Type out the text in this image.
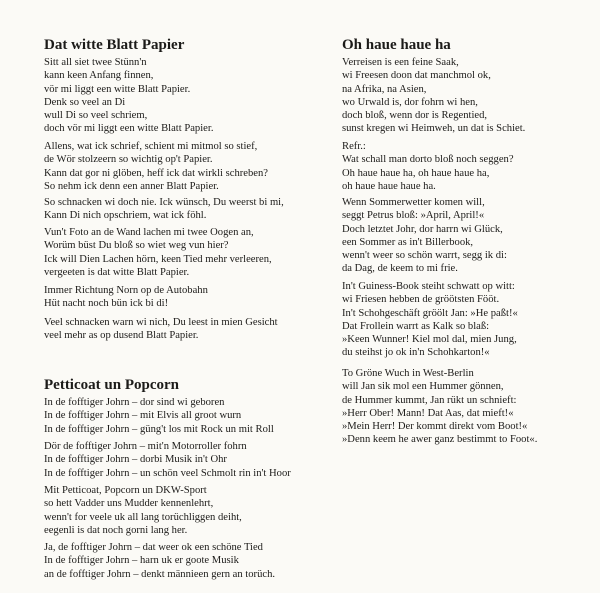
Dat witte Blatt Papier
Sitt all siet twee Stünn'n
kann keen Anfang finnen,
vör mi liggt een witte Blatt Papier.
Denk so veel an Di
wull Di so veel schriem,
doch vör mi liggt een witte Blatt Papier.
Allens, wat ick schrief, schient mi mitmol so stief,
de Wör stolzeern so wichtig op't Papier.
Kann dat gor ni glöben, heff ick dat wirkli schreben?
So nehm ick denn een anner Blatt Papier.
So schnacken wi doch nie. Ick wünsch, Du weerst bi mi,
Kann Di nich opschriem, wat ick föhl.
Vun't Foto an de Wand lachen mi twee Oogen an,
Worüm büst Du bloß so wiet weg vun hier?
Ick will Dien Lachen hörn, keen Tied mehr verleeren,
vergeeten is dat witte Blatt Papier.
Immer Richtung Norn op de Autobahn
Hüt nacht noch bün ick bi di!
Veel schnacken warn wi nich, Du leest in mien Gesicht
veel mehr as op dusend Blatt Papier.
Petticoat un Popcorn
In de fofftiger Johrn – dor sind wi geboren
In de fofftiger Johrn – mit Elvis all groot wurn
In de fofftiger Johrn – güng't los mit Rock un mit Roll
Dör de fofftiger Johrn – mit'n Motorroller fohrn
In de fofftiger Johrn – dorbi Musik in't Ohr
In de fofftiger Johrn – un schön veel Schmolt rin in't Hoor
Mit Petticoat, Popcorn un DKW-Sport
so hett Vadder uns Mudder kennenlehrt,
wenn't for veele uk all lang torüchliggen deiht,
eegenli is dat noch gorni lang her.
Ja, de fofftiger Johrn – dat weer ok een schöne Tied
In de fofftiger Johrn – harn uk er goote Musik
an de fofftiger Johrn – denkt männieen gern an torüch.
Oh haue haue ha
Verreisen is een feine Saak,
wi Freesen doon dat manchmol ok,
na Afrika, na Asien,
wo Urwald is, dor fohrn wi hen,
doch bloß, wenn dor is Regentied,
sunst kregen wi Heimweh, un dat is Schiet.
Refr.:
Wat schall man dorto bloß noch seggen?
Oh haue haue ha, oh haue haue ha,
oh haue haue haue ha.
Wenn Sommerwetter komen will,
seggt Petrus bloß: »April, April!«
Doch letztet Johr, dor harrn wi Glück,
een Sommer as in't Billerbook,
wenn't weer so schön warrt, segg ik di:
da Dag, de keem to mi frie.
In't Guiness-Book steiht schwatt op witt:
wi Friesen hebben de gröötsten Fööt.
In't Schohgeschäft gröölt Jan: »He paßt!«
Dat Frollein warrt as Kalk so blaß:
»Keen Wunner! Kiel mol dal, mien Jung,
du steihst jo ok in'n Schohkarton!«
To Gröne Wuch in West-Berlin
will Jan sik mol een Hummer gönnen,
de Hummer kummt, Jan rükt un schnieft:
»Herr Ober! Mann! Dat Aas, dat mieft!«
»Mein Herr! Der kommt direkt vom Boot!«
»Denn keem he awer ganz bestimmt to Foot«.
